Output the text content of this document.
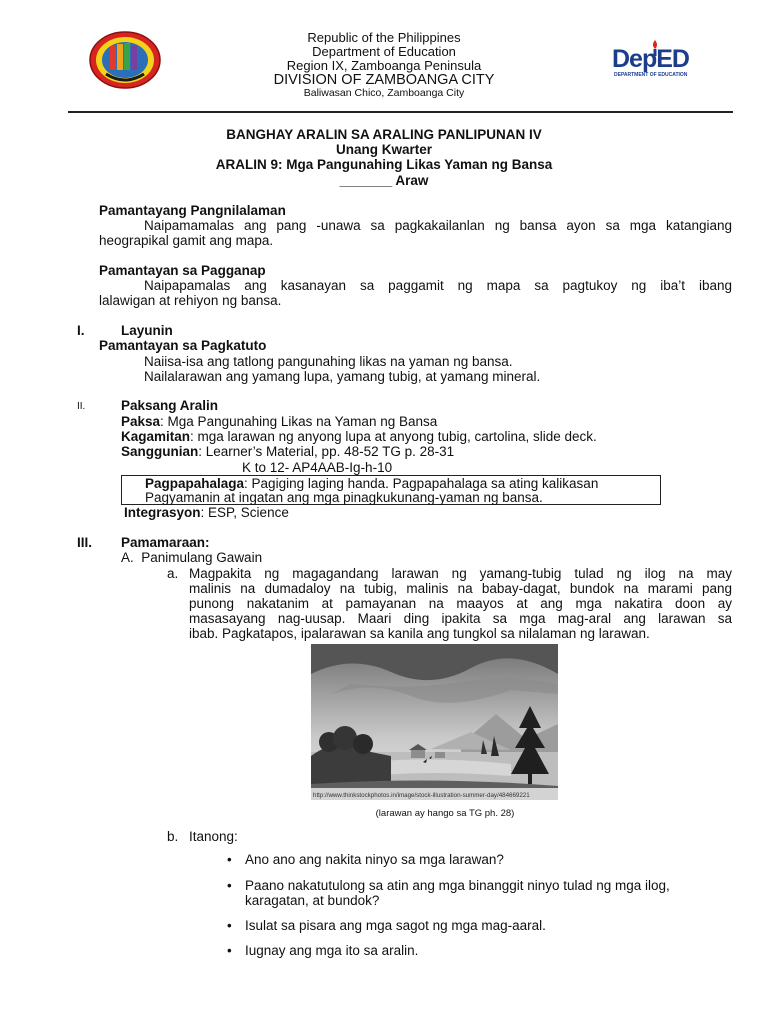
Republic of the Philippines
Department of Education
Region IX, Zamboanga Peninsula
DIVISION OF ZAMBOANGA CITY
Baliwasan Chico, Zamboanga City
DepED
DEPARTMENT OF EDUCATION
BANGHAY ARALIN SA ARALING PANLIPUNAN IV
Unang Kwarter
ARALIN 9: Mga Pangunahing Likas Yaman ng Bansa
_______ Araw
Pamantayang Pangnilalaman
Naipamamalas ang pang -unawa sa pagkakailanlan ng bansa ayon sa mga katangiang
heograpikal gamit ang mapa.
Pamantayan sa Pagganap
Naipapamalas ang kasanayan sa paggamit ng mapa sa pagtukoy ng iba’t ibang
lalawigan at rehiyon ng bansa.
I.	Layunin
Pamantayan sa Pagkatuto
Naiisa-isa ang tatlong pangunahing likas na yaman ng bansa.
Nailalarawan ang yamang lupa, yamang tubig, at yamang mineral.
II.	Paksang Aralin
Paksa: Mga Pangunahing Likas na Yaman ng Bansa
Kagamitan: mga larawan ng anyong lupa at anyong tubig, cartolina, slide deck.
Sanggunian: Learner’s Material, pp. 48-52 TG p. 28-31
K to 12- AP4AAB-Ig-h-10
Pagpapahalaga: Pagiging laging handa. Pagpapahalaga sa ating kalikasan
Pagyamanin at ingatan ang mga pinagkukunang-yaman ng bansa.
Integrasyon: ESP, Science
III. Pamamaraan:
A.  Panimulang Gawain
a. Magpakita ng magagandang larawan ng yamang-tubig tulad ng ilog na may
malinis na dumadaloy na tubig, malinis na babay-dagat, bundok na marami pang
punong nakatanim at pamayanan na maayos at ang mga nakatira doon ay
masasayang nag-uusap. Maari ding ipakita sa mga mag-aral ang larawan sa
ibab. Pagkatapos, ipalarawan sa kanila ang tungkol sa nilalaman ng larawan.
http://www.thinkstockphotos.in/image/stock-illustration-summer-day/484669221
(larawan ay hango sa TG ph. 28)
b. Itanong:
• Ano ano ang nakita ninyo sa mga larawan?
• Paano nakatutulong sa atin ang mga binanggit ninyo tulad ng mga ilog,
karagatan, at bundok?
• Isulat sa pisara ang mga sagot ng mga mag-aaral.
• Iugnay ang mga ito sa aralin.
